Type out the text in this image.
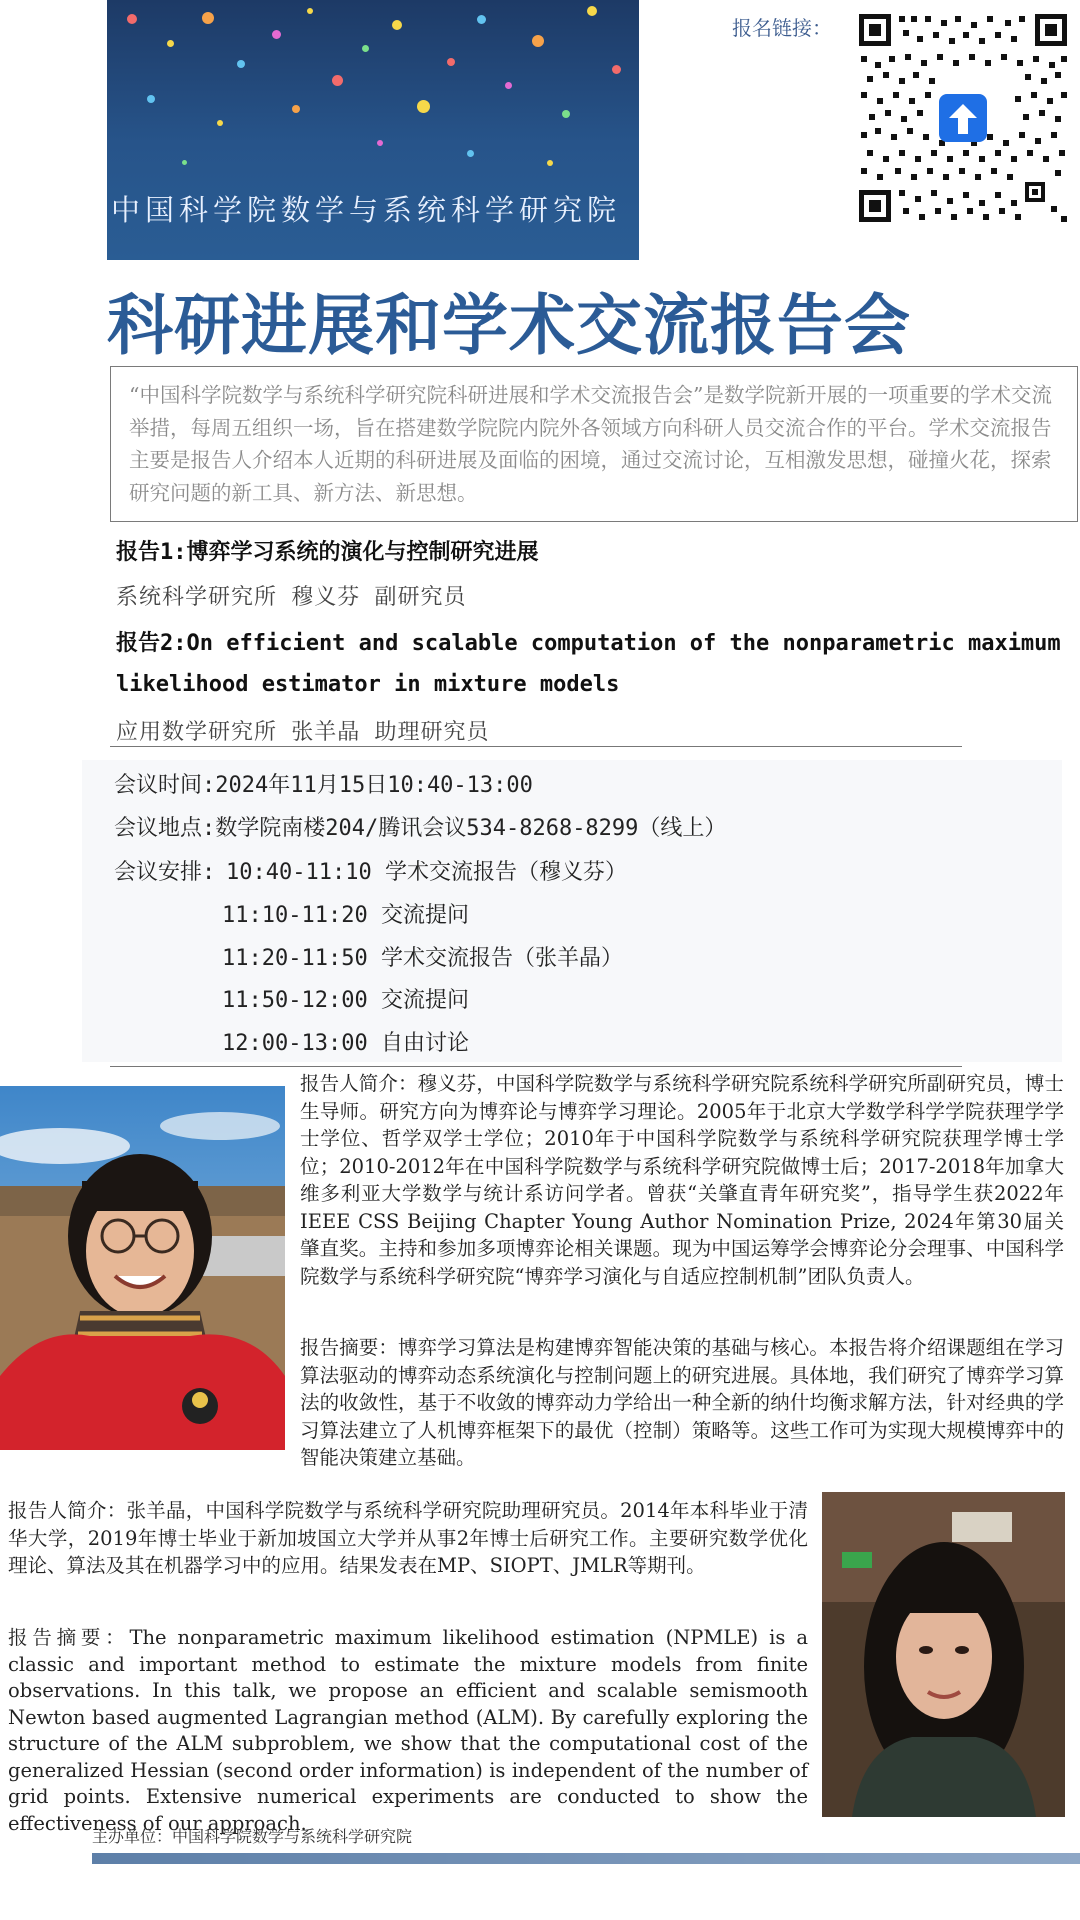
中国科学院数学与系统科学研究院
报名链接：
科研进展和学术交流报告会
“中国科学院数学与系统科学研究院科研进展和学术交流报告会”是数学院新开展的一项重要的学术交流举措，每周五组织一场，旨在搭建数学院院内院外各领域方向科研人员交流合作的平台。学术交流报告主要是报告人介绍本人近期的科研进展及面临的困境，通过交流讨论，互相激发思想，碰撞火花，探索研究问题的新工具、新方法、新思想。
报告1:博弈学习系统的演化与控制研究进展
系统科学研究所 穆义芬 副研究员
报告2:On efficient and scalable computation of the nonparametric maximum
likelihood estimator in mixture models
应用数学研究所 张羊晶 助理研究员
会议时间:2024年11月15日10:40-13:00
会议地点:数学院南楼204/腾讯会议534-8268-8299（线上）
会议安排: 10:40-11:10 学术交流报告（穆义芬）
11:10-11:20 交流提问
11:20-11:50 学术交流报告（张羊晶）
11:50-12:00 交流提问
12:00-13:00 自由讨论
报告人简介：穆义芬，中国科学院数学与系统科学研究院系统科学研究所副研究员，博士生导师。研究方向为博弈论与博弈学习理论。2005年于北京大学数学科学学院获理学学士学位、哲学双学士学位；2010年于中国科学院数学与系统科学研究院获理学博士学位；2010-2012年在中国科学院数学与系统科学研究院做博士后；2017-2018年加拿大维多利亚大学数学与统计系访问学者。曾获“关肇直青年研究奖”，指导学生获2022年IEEE CSS Beijing Chapter Young Author Nomination Prize, 2024年第30届关肇直奖。主持和参加多项博弈论相关课题。现为中国运筹学会博弈论分会理事、中国科学院数学与系统科学研究院“博弈学习演化与自适应控制机制”团队负责人。
报告摘要：博弈学习算法是构建博弈智能决策的基础与核心。本报告将介绍课题组在学习算法驱动的博弈动态系统演化与控制问题上的研究进展。具体地，我们研究了博弈学习算法的收敛性，基于不收敛的博弈动力学给出一种全新的纳什均衡求解方法，针对经典的学习算法建立了人机博弈框架下的最优（控制）策略等。这些工作可为实现大规模博弈中的智能决策建立基础。
报告人简介：张羊晶，中国科学院数学与系统科学研究院助理研究员。2014年本科毕业于清华大学，2019年博士毕业于新加坡国立大学并从事2年博士后研究工作。主要研究数学优化理论、算法及其在机器学习中的应用。结果发表在MP、SIOPT、JMLR等期刊。
报告摘要：The nonparametric maximum likelihood estimation (NPMLE) is a classic and important method to estimate the mixture models from finite observations. In this talk, we propose an efficient and scalable semismooth Newton based augmented Lagrangian method (ALM). By carefully exploring the structure of the ALM subproblem, we show that the computational cost of the generalized Hessian (second order information) is independent of the number of grid points. Extensive numerical experiments are conducted to show the effectiveness of our approach.
主办单位：中国科学院数学与系统科学研究院
